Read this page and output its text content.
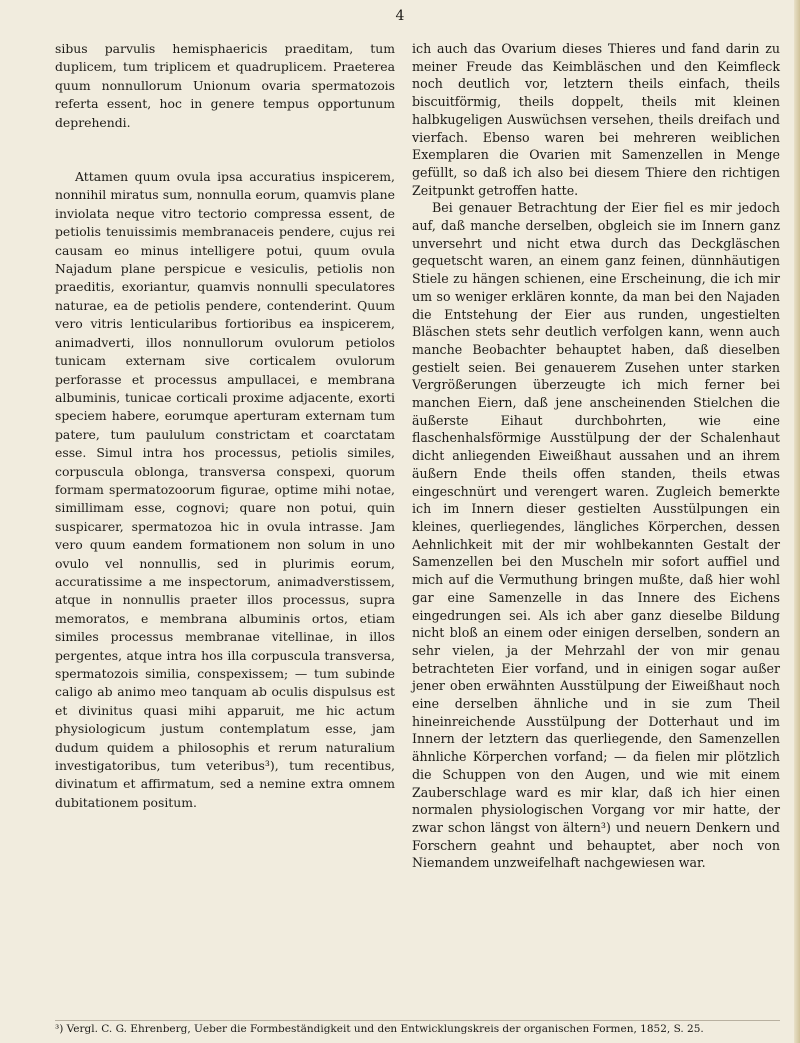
4

sibus parvulis hemisphaericis praeditam, tum duplicem, tum triplicem et quadruplicem. Praeterea quum nonnullorum Unionum ovaria spermatozois referta essent, hoc in genere tempus opportunum deprehendi.

Attamen quum ovula ipsa accuratius inspicerem, nonnihil miratus sum, nonnulla eorum, quamvis plane inviolata neque vitro tectorio compressa essent, de petiolis tenuissimis membranaceis pendere, cujus rei causam eo minus intelligere potui, quum ovula Najadum plane perspicue e vesiculis, petiolis non praeditis, exoriantur, quamvis nonnulli speculatores naturae, ea de petiolis pendere, contenderint. Quum vero vitris lenticularibus fortioribus ea inspicerem, animadverti, illos nonnullorum ovulorum petiolos tunicam externam sive corticalem ovulorum perforasse et processus ampullacei, e membrana albuminis, tunicae corticali proxime adjacente, exorti speciem habere, eorumque aperturam externam tum patere, tum paululum constrictam et coarctatam esse. Simul intra hos processus, petiolis similes, corpuscula oblonga, transversa conspexi, quorum formam spermatozoorum figurae, optime mihi notae, simillimam esse, cognovi; quare non potui, quin suspicarer, spermatozoa hic in ovula intrasse. Jam vero quum eandem formationem non solum in uno ovulo vel nonnullis, sed in plurimis eorum, accuratissime a me inspectorum, animadverstissem, atque in nonnullis praeter illos processus, supra memoratos, e membrana albuminis ortos, etiam similes processus membranae vitellinae, in illos pergentes, atque intra hos illa corpuscula transversa, spermatozois similia, conspexissem; — tum subinde caligo ab animo meo tanquam ab oculis dispulsus est et divinitus quasi mihi apparuit, me hic actum physiologicum justum contemplatum esse, jam dudum quidem a philosophis et rerum naturalium investigatoribus, tum veteribus³), tum recentibus, divinatum et affirmatum, sed a nemine extra omnem dubitationem positum.

ich auch das Ovarium dieses Thieres und fand darin zu meiner Freude das Keimbläschen und den Keimfleck noch deutlich vor, letztern theils einfach, theils biscuitförmig, theils doppelt, theils mit kleinen halbkugeligen Auswüchsen versehen, theils dreifach und vierfach. Ebenso waren bei mehreren weiblichen Exemplaren die Ovarien mit Samenzellen in Menge gefüllt, so daß ich also bei diesem Thiere den richtigen Zeitpunkt getroffen hatte.

Bei genauer Betrachtung der Eier fiel es mir jedoch auf, daß manche derselben, obgleich sie im Innern ganz unversehrt und nicht etwa durch das Deckgläschen gequetscht waren, an einem ganz feinen, dünnhäutigen Stiele zu hängen schienen, eine Erscheinung, die ich mir um so weniger erklären konnte, da man bei den Najaden die Entstehung der Eier aus runden, ungestielten Bläschen stets sehr deutlich verfolgen kann, wenn auch manche Beobachter behauptet haben, daß dieselben gestielt seien. Bei genauerem Zusehen unter starken Vergrößerungen überzeugte ich mich ferner bei manchen Eiern, daß jene anscheinenden Stielchen die äußerste Eihaut durchbohrten, wie eine flaschenhalsförmige Ausstülpung der der Schalenhaut dicht anliegenden Eiweißhaut aussahen und an ihrem äußern Ende theils offen standen, theils etwas eingeschnürt und verengert waren. Zugleich bemerkte ich im Innern dieser gestielten Ausstülpungen ein kleines, querliegendes, längliches Körperchen, dessen Aehnlichkeit mit der mir wohlbekannten Gestalt der Samenzellen bei den Muscheln mir sofort auffiel und mich auf die Vermuthung bringen mußte, daß hier wohl gar eine Samenzelle in das Innere des Eichens eingedrungen sei. Als ich aber ganz dieselbe Bildung nicht bloß an einem oder einigen derselben, sondern an sehr vielen, ja der Mehrzahl der von mir genau betrachteten Eier vorfand, und in einigen sogar außer jener oben erwähnten Ausstülpung der Eiweißhaut noch eine derselben ähnliche und in sie zum Theil hineinreichende Ausstülpung der Dotterhaut und im Innern der letztern das querliegende, den Samenzellen ähnliche Körperchen vorfand; — da fielen mir plötzlich die Schuppen von den Augen, und wie mit einem Zauberschlage ward es mir klar, daß ich hier einen normalen physiologischen Vorgang vor mir hatte, der zwar schon längst von ältern³) und neuern Denkern und Forschern geahnt und behauptet, aber noch von Niemandem unzweifelhaft nachgewiesen war.

³) Vergl. C. G. Ehrenberg, Ueber die Formbeständigkeit und den Entwicklungskreis der organischen Formen, 1852, S. 25.
